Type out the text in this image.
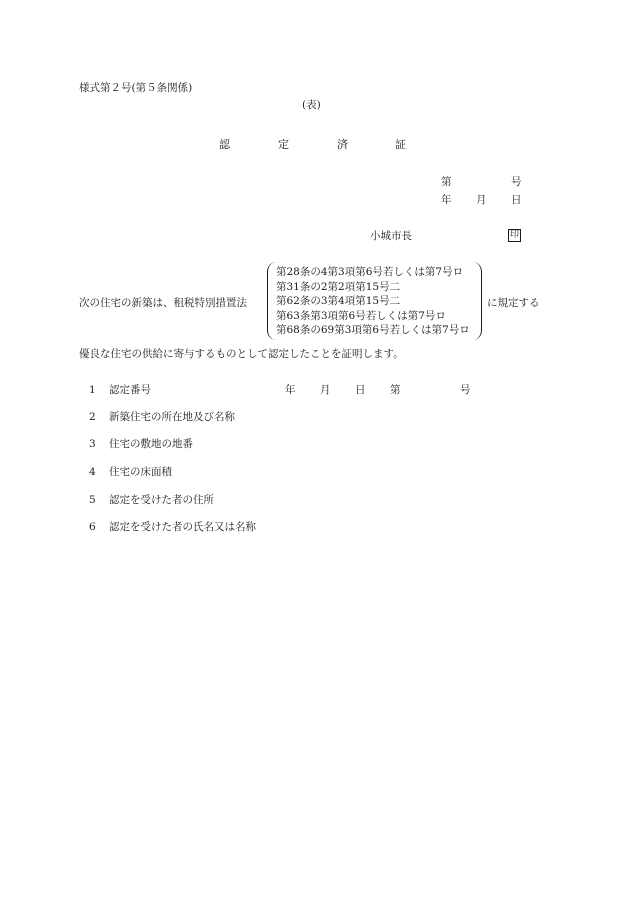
様式第２号(第５条関係)
(表)
認	定	済	証
第	号
年 月 日
小城市長	印
次の住宅の新築は、租税特別措置法
第28条の4第3項第6号若しくは第7号ロ
第31条の2第2項第15号二
第62条の3第4項第15号二
第63条第3項第6号若しくは第7号ロ
第68条の69第3項第6号若しくは第7号ロ
に規定する
優良な住宅の供給に寄与するものとして認定したことを証明します。
1 認定番号
2 新築住宅の所在地及び名称
3 住宅の敷地の地番
4 住宅の床面積
5 認定を受けた者の住所
6 認定を受けた者の氏名又は名称
年 月 日 第	号
